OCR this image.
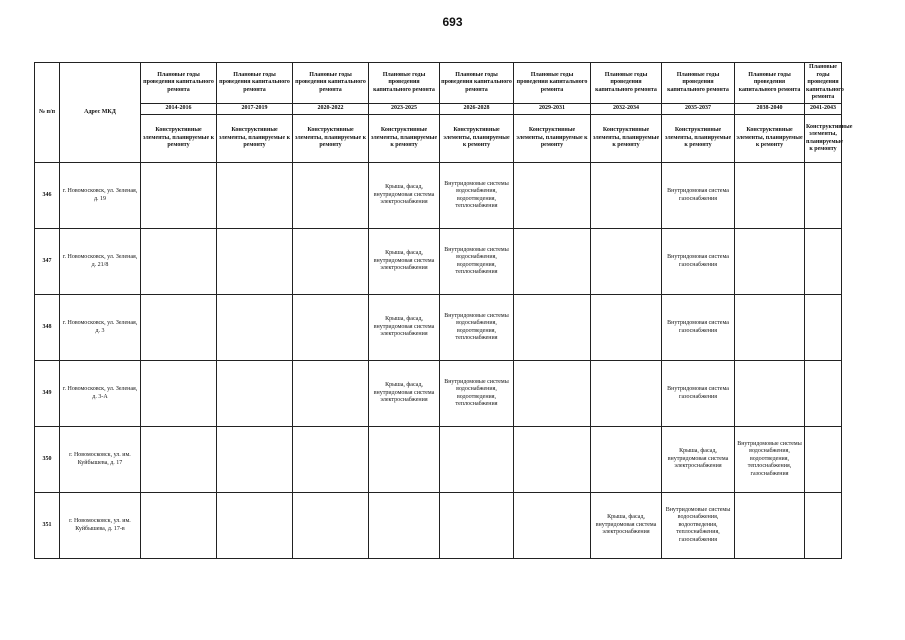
693
№ п/п	Адрес МКД	Плановые годы проведения капитального ремонта	Плановые годы проведения капитального ремонта	Плановые годы проведения капитального ремонта	Плановые годы проведения капитального ремонта	Плановые годы проведения капитального ремонта	Плановые годы проведения капитального ремонта	Плановые годы проведения капитального ремонта	Плановые годы проведения капитального ремонта	Плановые годы проведения капитального ремонта	Плановые годы проведения капитального ремонта
		2014-2016	2017-2019	2020-2022	2023-2025	2026-2028	2029-2031	2032-2034	2035-2037	2038-2040	2041-2043
		Конструктивные элементы, планируемые к ремонту	Конструктивные элементы, планируемые к ремонту	Конструктивные элементы, планируемые к ремонту	Конструктивные элементы, планируемые к ремонту	Конструктивные элементы, планируемые к ремонту	Конструктивные элементы, планируемые к ремонту	Конструктивные элементы, планируемые к ремонту	Конструктивные элементы, планируемые к ремонту	Конструктивные элементы, планируемые к ремонту	Конструктивные элементы, планируемые к ремонту
346	г. Новомосковск, ул. Зеленая, д. 19				Крыша, фасад, внутридомовая система электроснабжения	Внутридомовые системы водоснабжения, водоотведения, теплоснабжения			Внутридомовая система газоснабжения		
347	г. Новомосковск, ул. Зеленая, д. 21/8				Крыша, фасад, внутридомовая система электроснабжения	Внутридомовые системы водоснабжения, водоотведения, теплоснабжения			Внутридомовая система газоснабжения		
348	г. Новомосковск, ул. Зеленая, д. 3				Крыша, фасад, внутридомовая система электроснабжения	Внутридомовые системы водоснабжения, водоотведения, теплоснабжения			Внутридомовая система газоснабжения		
349	г. Новомосковск, ул. Зеленая, д. 3-А				Крыша, фасад, внутридомовая система электроснабжения	Внутридомовые системы водоснабжения, водоотведения, теплоснабжения			Внутридомовая система газоснабжения		
350	г. Новомосковск, ул. им. Куйбышева, д. 17								Крыша, фасад, внутридомовая система электроснабжения	Внутридомовые системы водоснабжения, водоотведения, теплоснабжения, газоснабжения	
351	г. Новомосковск, ул. им. Куйбышева, д. 17-в							Крыша, фасад, внутридомовая система электроснабжения	Внутридомовые системы водоснабжения, водоотведения, теплоснабжения, газоснабжения		
